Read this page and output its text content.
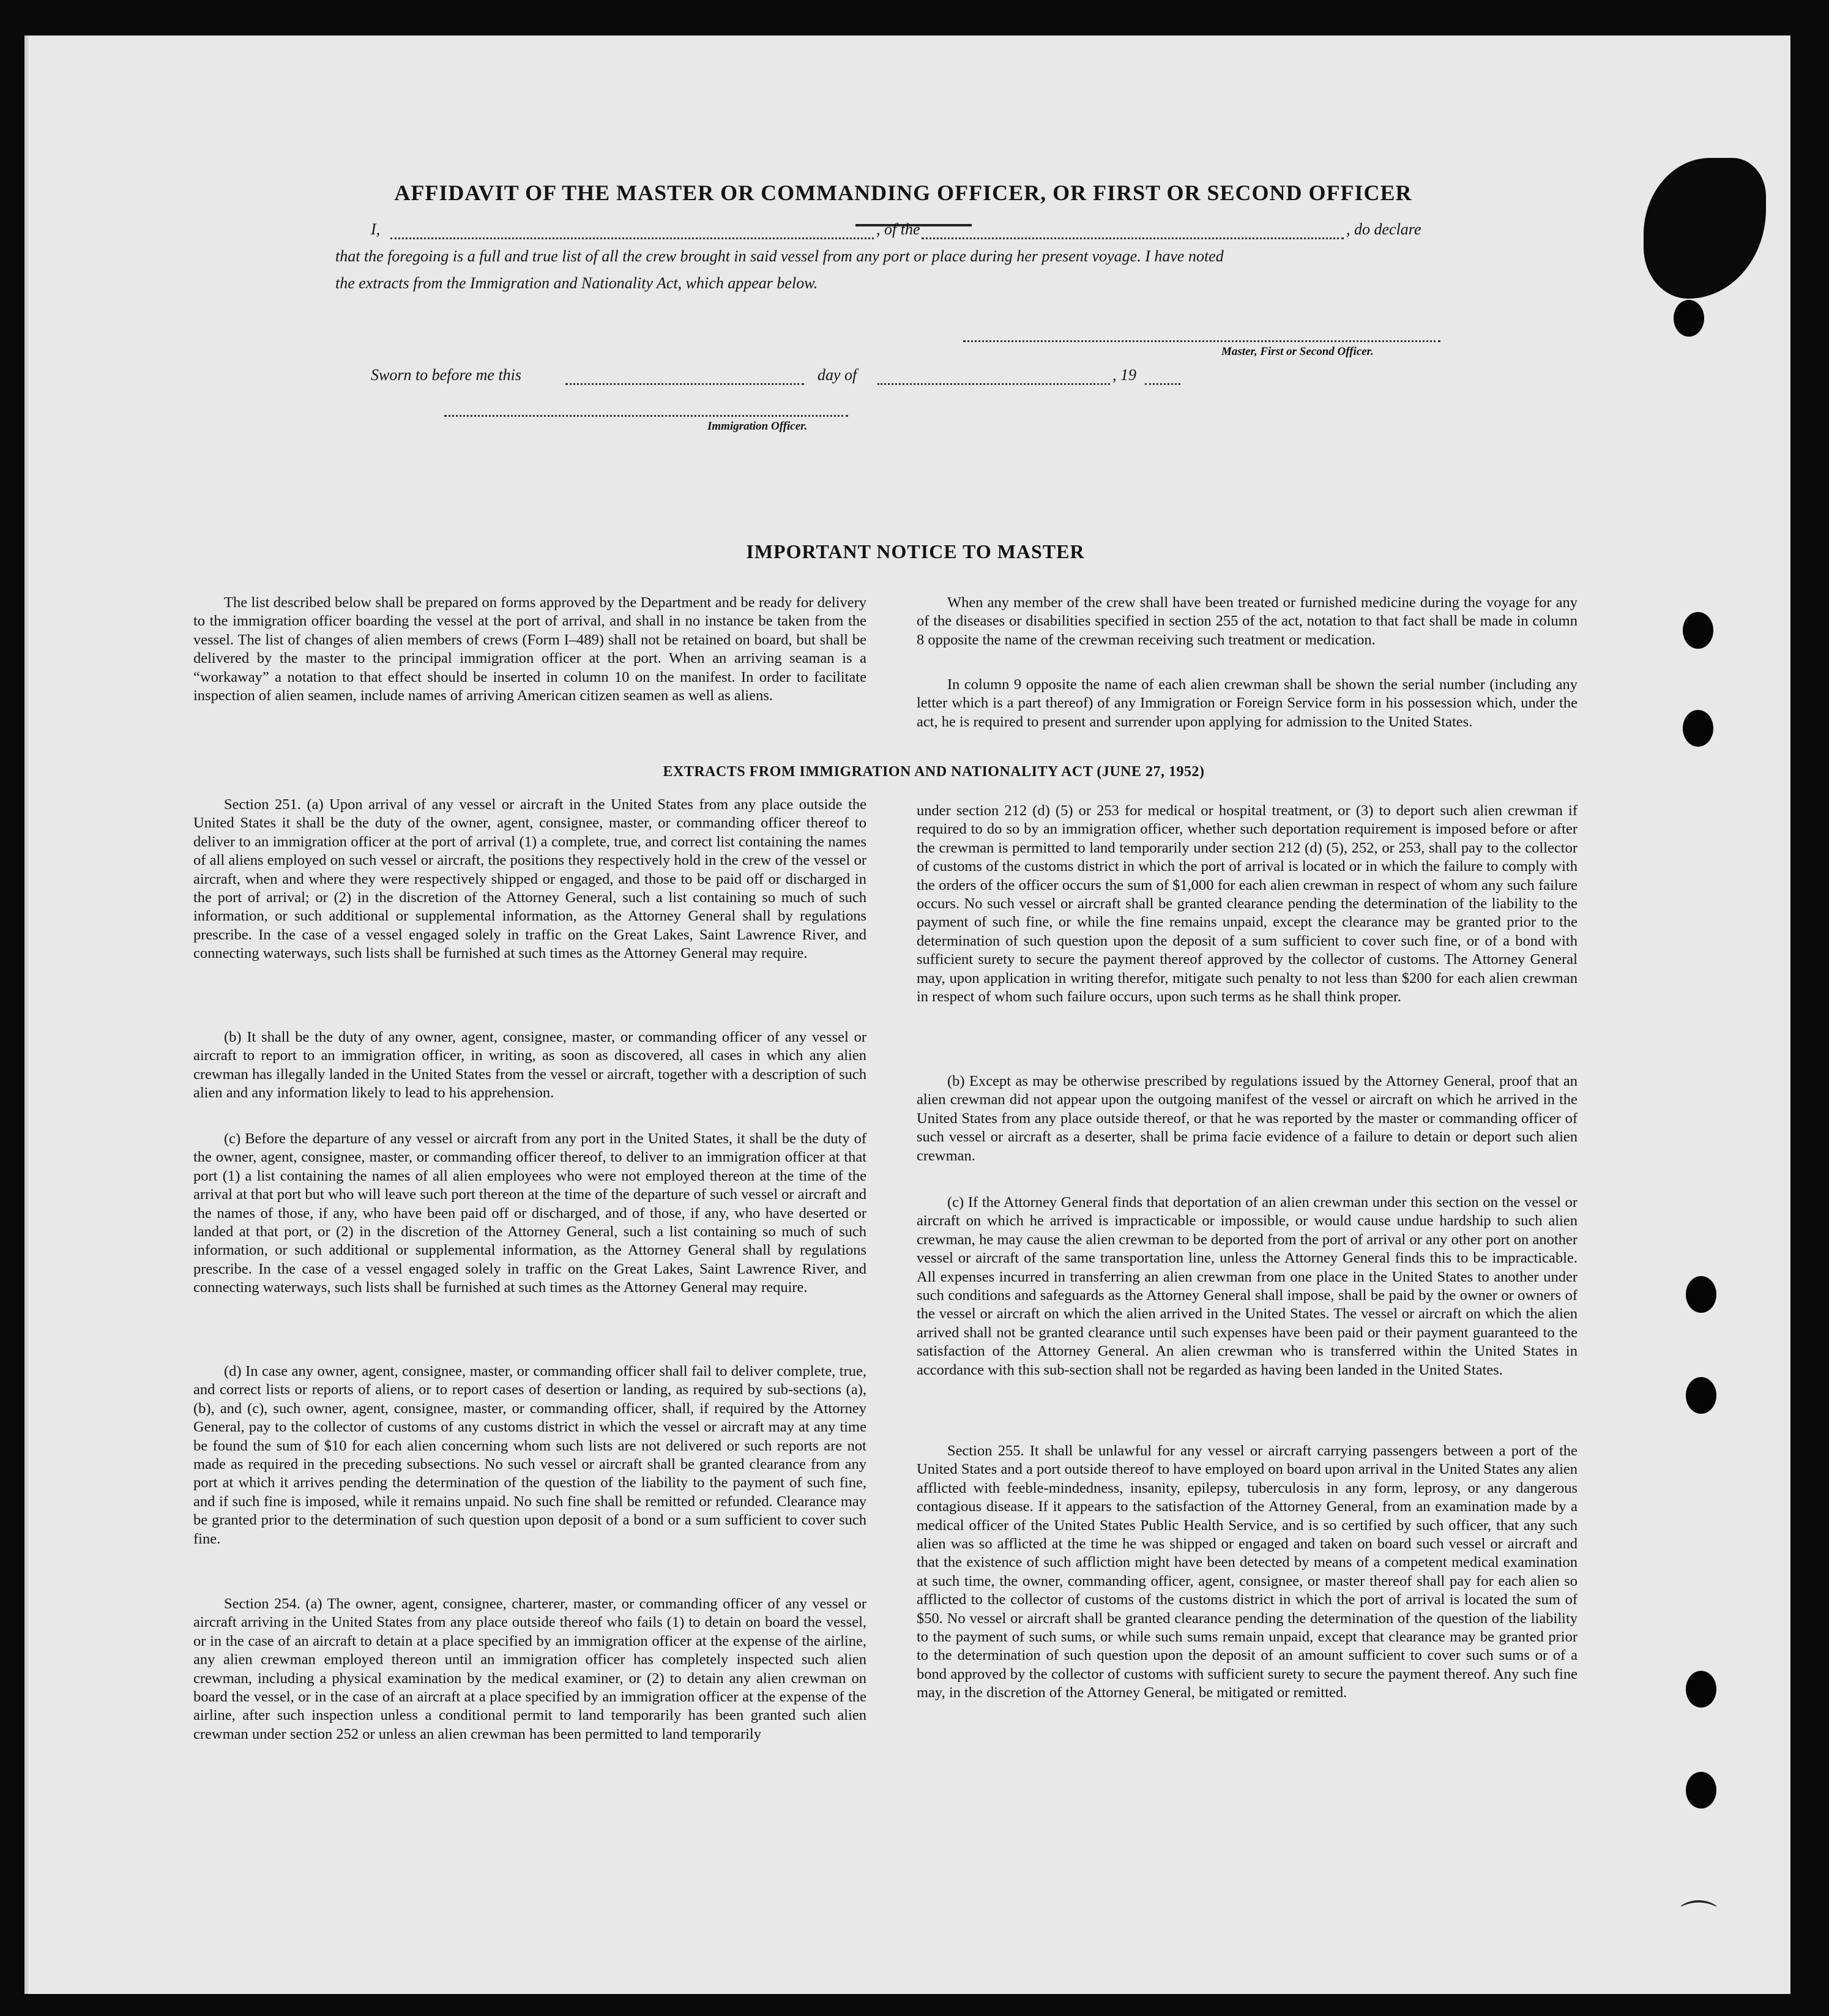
AFFIDAVIT OF THE MASTER OR COMMANDING OFFICER, OR FIRST OR SECOND OFFICER
I,	, of the	, do declare
that the foregoing is a full and true list of all the crew brought in said vessel from any port or place during her present voyage. I have noted
the extracts from the Immigration and Nationality Act, which appear below.
Master, First or Second Officer.
Sworn to before me this	day of	, 19
Immigration Officer.
IMPORTANT NOTICE TO MASTER

The list described below shall be prepared on forms approved by the Department and be ready for delivery to the immigration officer boarding the vessel at the port of arrival, and shall in no instance be taken from the vessel. The list of changes of alien members of crews (Form I–489) shall not be retained on board, but shall be delivered by the master to the principal immigration officer at the port. When an arriving seaman is a “workaway” a notation to that effect should be inserted in column 10 on the manifest. In order to facilitate inspection of alien seamen, include names of arriving American citizen seamen as well as aliens.

When any member of the crew shall have been treated or furnished medicine during the voyage for any of the diseases or disabilities specified in section 255 of the act, notation to that fact shall be made in column 8 opposite the name of the crewman receiving such treatment or medication.

In column 9 opposite the name of each alien crewman shall be shown the serial number (including any letter which is a part thereof) of any Immigration or Foreign Service form in his possession which, under the act, he is required to present and surrender upon applying for admission to the United States.

EXTRACTS FROM IMMIGRATION AND NATIONALITY ACT (JUNE 27, 1952)

Section 251. (a) Upon arrival of any vessel or aircraft in the United States from any place outside the United States it shall be the duty of the owner, agent, consignee, master, or commanding officer thereof to deliver to an immigration officer at the port of arrival (1) a complete, true, and correct list containing the names of all aliens employed on such vessel or aircraft, the positions they respectively hold in the crew of the vessel or aircraft, when and where they were respectively shipped or engaged, and those to be paid off or discharged in the port of arrival; or (2) in the discretion of the Attorney General, such a list containing so much of such information, or such additional or supplemental information, as the Attorney General shall by regulations prescribe. In the case of a vessel engaged solely in traffic on the Great Lakes, Saint Lawrence River, and connecting waterways, such lists shall be furnished at such times as the Attorney General may require.

(b) It shall be the duty of any owner, agent, consignee, master, or commanding officer of any vessel or aircraft to report to an immigration officer, in writing, as soon as discovered, all cases in which any alien crewman has illegally landed in the United States from the vessel or aircraft, together with a description of such alien and any information likely to lead to his apprehension.

(c) Before the departure of any vessel or aircraft from any port in the United States, it shall be the duty of the owner, agent, consignee, master, or commanding officer thereof, to deliver to an immigration officer at that port (1) a list containing the names of all alien employees who were not employed thereon at the time of the arrival at that port but who will leave such port thereon at the time of the departure of such vessel or aircraft and the names of those, if any, who have been paid off or discharged, and of those, if any, who have deserted or landed at that port, or (2) in the discretion of the Attorney General, such a list containing so much of such information, or such additional or supplemental information, as the Attorney General shall by regulations prescribe. In the case of a vessel engaged solely in traffic on the Great Lakes, Saint Lawrence River, and connecting waterways, such lists shall be furnished at such times as the Attorney General may require.

(d) In case any owner, agent, consignee, master, or commanding officer shall fail to deliver complete, true, and correct lists or reports of aliens, or to report cases of desertion or landing, as required by sub-sections (a), (b), and (c), such owner, agent, consignee, master, or commanding officer, shall, if required by the Attorney General, pay to the collector of customs of any customs district in which the vessel or aircraft may at any time be found the sum of $10 for each alien concerning whom such lists are not delivered or such reports are not made as required in the preceding subsections. No such vessel or aircraft shall be granted clearance from any port at which it arrives pending the determination of the question of the liability to the payment of such fine, and if such fine is imposed, while it remains unpaid. No such fine shall be remitted or refunded. Clearance may be granted prior to the determination of such question upon deposit of a bond or a sum sufficient to cover such fine.

Section 254. (a) The owner, agent, consignee, charterer, master, or commanding officer of any vessel or aircraft arriving in the United States from any place outside thereof who fails (1) to detain on board the vessel, or in the case of an aircraft to detain at a place specified by an immigration officer at the expense of the airline, any alien crewman employed thereon until an immigration officer has completely inspected such alien crewman, including a physical examination by the medical examiner, or (2) to detain any alien crewman on board the vessel, or in the case of an aircraft at a place specified by an immigration officer at the expense of the airline, after such inspection unless a conditional permit to land temporarily has been granted such alien crewman under section 252 or unless an alien crewman has been permitted to land temporarily

under section 212 (d) (5) or 253 for medical or hospital treatment, or (3) to deport such alien crewman if required to do so by an immigration officer, whether such deportation requirement is imposed before or after the crewman is permitted to land temporarily under section 212 (d) (5), 252, or 253, shall pay to the collector of customs of the customs district in which the port of arrival is located or in which the failure to comply with the orders of the officer occurs the sum of $1,000 for each alien crewman in respect of whom any such failure occurs. No such vessel or aircraft shall be granted clearance pending the determination of the liability to the payment of such fine, or while the fine remains unpaid, except the clearance may be granted prior to the determination of such question upon the deposit of a sum sufficient to cover such fine, or of a bond with sufficient surety to secure the payment thereof approved by the collector of customs. The Attorney General may, upon application in writing therefor, mitigate such penalty to not less than $200 for each alien crewman in respect of whom such failure occurs, upon such terms as he shall think proper.

(b) Except as may be otherwise prescribed by regulations issued by the Attorney General, proof that an alien crewman did not appear upon the outgoing manifest of the vessel or aircraft on which he arrived in the United States from any place outside thereof, or that he was reported by the master or commanding officer of such vessel or aircraft as a deserter, shall be prima facie evidence of a failure to detain or deport such alien crewman.

(c) If the Attorney General finds that deportation of an alien crewman under this section on the vessel or aircraft on which he arrived is impracticable or impossible, or would cause undue hardship to such alien crewman, he may cause the alien crewman to be deported from the port of arrival or any other port on another vessel or aircraft of the same transportation line, unless the Attorney General finds this to be impracticable. All expenses incurred in transferring an alien crewman from one place in the United States to another under such conditions and safeguards as the Attorney General shall impose, shall be paid by the owner or owners of the vessel or aircraft on which the alien arrived in the United States. The vessel or aircraft on which the alien arrived shall not be granted clearance until such expenses have been paid or their payment guaranteed to the satisfaction of the Attorney General. An alien crewman who is transferred within the United States in accordance with this sub-section shall not be regarded as having been landed in the United States.

Section 255. It shall be unlawful for any vessel or aircraft carrying passengers between a port of the United States and a port outside thereof to have employed on board upon arrival in the United States any alien afflicted with feeble-mindedness, insanity, epilepsy, tuberculosis in any form, leprosy, or any dangerous contagious disease. If it appears to the satisfaction of the Attorney General, from an examination made by a medical officer of the United States Public Health Service, and is so certified by such officer, that any such alien was so afflicted at the time he was shipped or engaged and taken on board such vessel or aircraft and that the existence of such affliction might have been detected by means of a competent medical examination at such time, the owner, commanding officer, agent, consignee, or master thereof shall pay for each alien so afflicted to the collector of customs of the customs district in which the port of arrival is located the sum of $50. No vessel or aircraft shall be granted clearance pending the determination of the question of the liability to the payment of such sums, or while such sums remain unpaid, except that clearance may be granted prior to the determination of such question upon the deposit of an amount sufficient to cover such sums or of a bond approved by the collector of customs with sufficient surety to secure the payment thereof. Any such fine may, in the discretion of the Attorney General, be mitigated or remitted.

⌒
